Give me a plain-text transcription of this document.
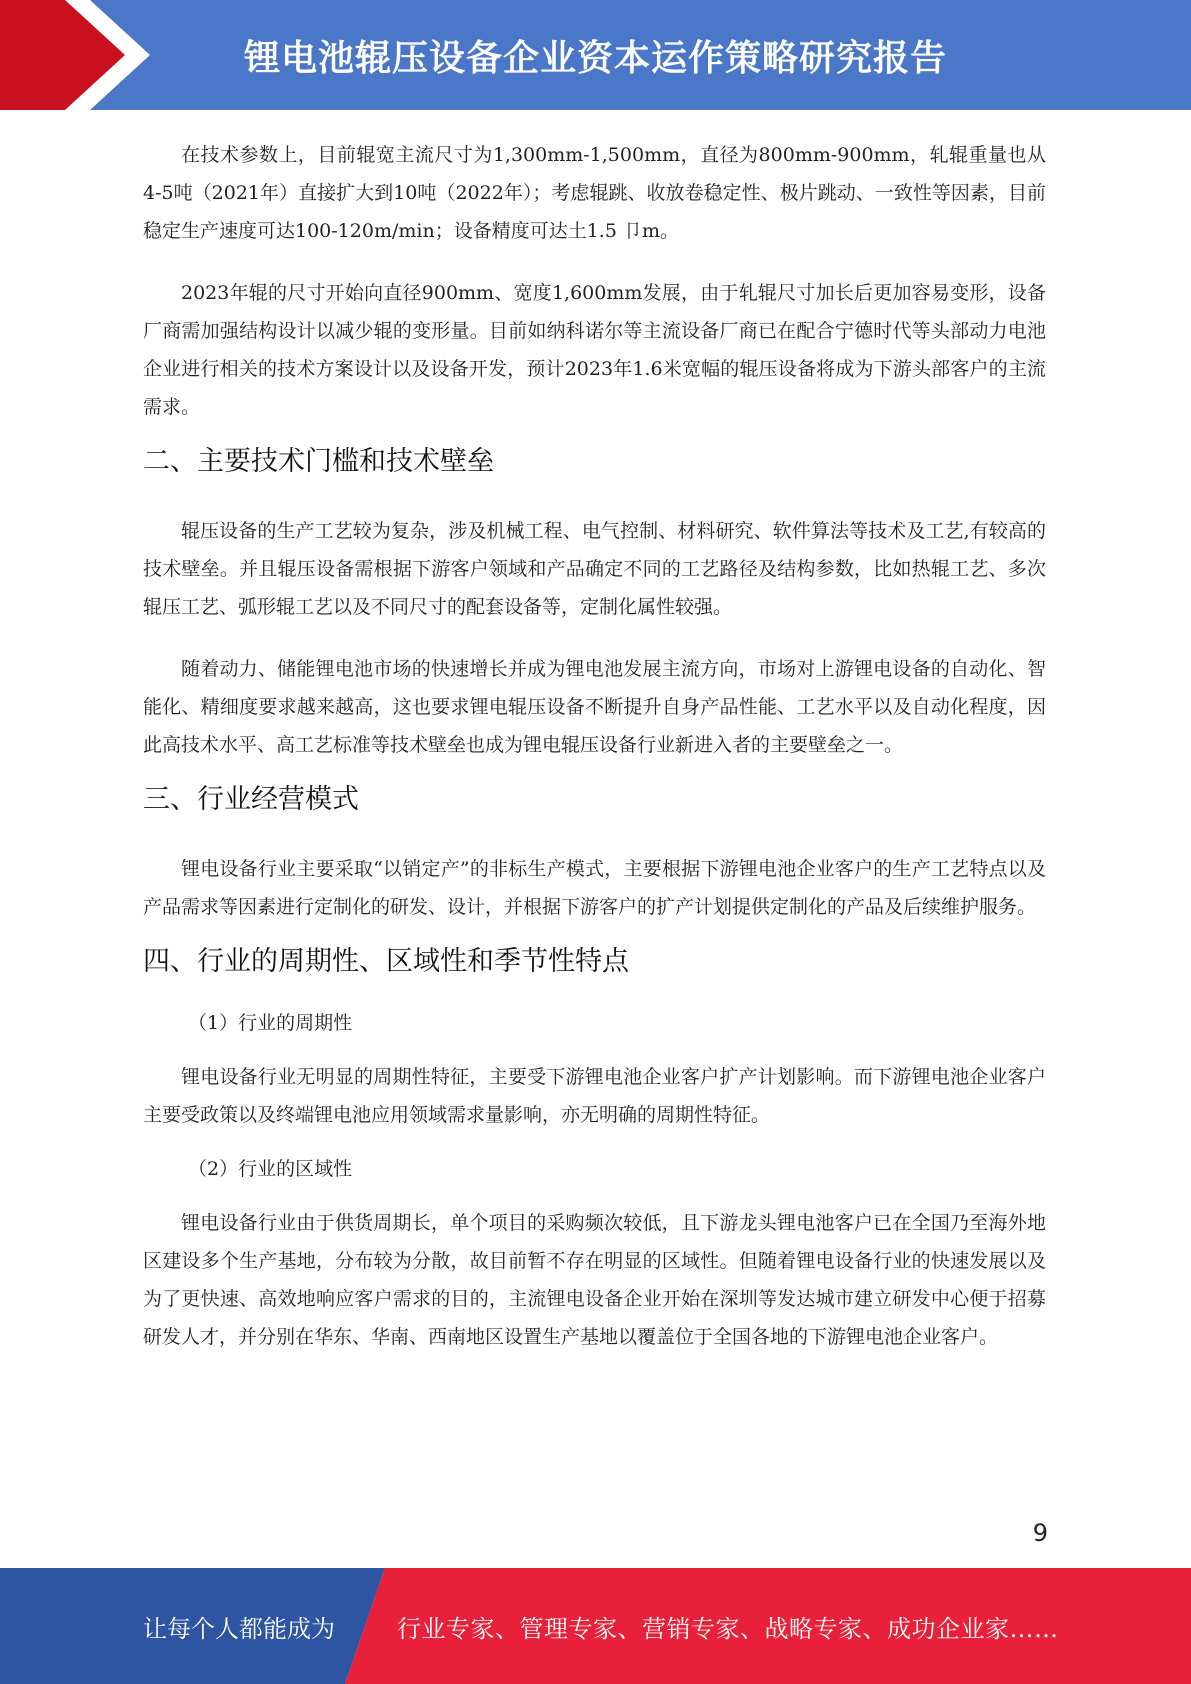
锂电池辊压设备企业资本运作策略研究报告

在技术参数上，目前辊宽主流尺寸为1,300mm-1,500mm，直径为800mm-900mm，轧辊重量也从4-5吨（2021年）直接扩大到10吨（2022年）；考虑辊跳、收放卷稳定性、极片跳动、一致性等因素，目前稳定生产速度可达100-120m/min；设备精度可达土1.5 卩m。

2023年辊的尺寸开始向直径900mm、宽度1,600mm发展，由于轧辊尺寸加长后更加容易变形，设备厂商需加强结构设计以减少辊的变形量。目前如纳科诺尔等主流设备厂商已在配合宁德时代等头部动力电池企业进行相关的技术方案设计以及设备开发，预计2023年1.6米宽幅的辊压设备将成为下游头部客户的主流需求。

二、主要技术门槛和技术壁垒

辊压设备的生产工艺较为复杂，涉及机械工程、电气控制、材料研究、软件算法等技术及工艺,有较高的技术壁垒。并且辊压设备需根据下游客户领域和产品确定不同的工艺路径及结构参数，比如热辊工艺、多次辊压工艺、弧形辊工艺以及不同尺寸的配套设备等，定制化属性较强。

随着动力、储能锂电池市场的快速增长并成为锂电池发展主流方向，市场对上游锂电设备的自动化、智能化、精细度要求越来越高，这也要求锂电辊压设备不断提升自身产品性能、工艺水平以及自动化程度，因此高技术水平、高工艺标准等技术壁垒也成为锂电辊压设备行业新进入者的主要壁垒之一。

三、行业经营模式

锂电设备行业主要采取“以销定产”的非标生产模式，主要根据下游锂电池企业客户的生产工艺特点以及产品需求等因素进行定制化的研发、设计，并根据下游客户的扩产计划提供定制化的产品及后续维护服务。

四、行业的周期性、区域性和季节性特点

（1）行业的周期性

锂电设备行业无明显的周期性特征，主要受下游锂电池企业客户扩产计划影响。而下游锂电池企业客户主要受政策以及终端锂电池应用领域需求量影响，亦无明确的周期性特征。

（2）行业的区域性

锂电设备行业由于供货周期长，单个项目的采购频次较低，且下游龙头锂电池客户已在全国乃至海外地区建设多个生产基地，分布较为分散，故目前暂不存在明显的区域性。但随着锂电设备行业的快速发展以及为了更快速、高效地响应客户需求的目的，主流锂电设备企业开始在深圳等发达城市建立研发中心便于招募研发人才，并分别在华东、华南、西南地区设置生产基地以覆盖位于全国各地的下游锂电池企业客户。

9
让每个人都能成为	行业专家、管理专家、营销专家、战略专家、成功企业家……
